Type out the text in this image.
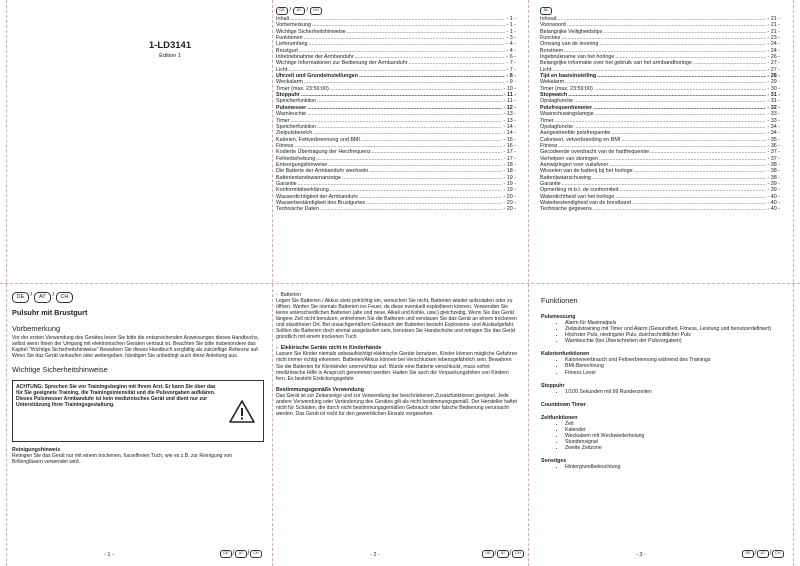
1-LD3141
Edition 1
DE /	AT /	CH
Inhalt .....	- 1 -
Vorbemerkung .....	- 1 -
Wichtige Sicherheitshinweise .....	- 1 -
Funktionen .....	- 3 -
Lieferumfang .....	- 4 -
Brustgurt .....	- 4 -
Inbetriebnahme der Armbanduhr .....	- 6 -
Wichtige Informationen zur Bedienung der Armbanduhr .....	- 7 -
Licht .....	- 7 -
Uhrzeit und Grundeinstellungen .....	- 8 -
Weckalarm .....	- 9 -
Timer (max. 23:59:00) .....	- 10 -
Stoppuhr .....	- 11 -
Speicherfunktion .....	- 11 -
Pulsmesser .....	- 12 -
Warnleuchte .....	- 13 -
Timer .....	- 13 -
Speicherfunktion .....	- 14 -
Zielpulsbereich .....	- 14 -
Kalorien, Fettverbrennung und BMI .....	- 15 -
Fitness .....	- 16 -
Kodierte Übertragung der Herzfrequenz .....	- 17 -
Fehlerbehebung .....	- 17 -
Entsorgungshinweise .....	- 18 -
Die Batterie der Armbanduhr wechseln .....	- 18 -
Batteriestandswarnanzeige .....	- 19 -
Garantie .....	- 19 -
Konformitätserklärung .....	- 19 -
Wasserdichtigkeit der Armbanduhr .....	- 20 -
Wasserbeständigkeit des Brustgurtes .....	- 20 -
Technische Daten .....	- 20 -
NL
Inhoud .....	- 21 -
Voorwoord .....	- 21 -
Belangrijke Veiligheidstips .....	- 21 -
Functies .....	- 23 -
Omvang van de levering .....	- 24 -
Borstriem .....	- 24 -
Ingebruikname van het horloge .....	- 26 -
Belangrijke informatie over het gebruik van het armbandhorloge .....	- 27 -
Licht .....	- 27 -
Tijd en basisinstelling .....	- 28 -
Wekalarm .....	- 29 -
Timer (max. 23:59:00) .....	- 30 -
Stopwatch .....	- 31 -
Opslagfunctie .....	- 31 -
Polsfrequentiemeter .....	- 32 -
Waarschuwingslampje .....	- 33 -
Timer .....	- 33 -
Opslagfunctie .....	- 34 -
Aangestreefde polsfrequentie .....	- 34 -
Calorieen, vetverbranding en BMI .....	- 35 -
Fitness .....	- 36 -
Gecodeerde overdracht van de hartfrequentie .....	- 37 -
Verhelpen van storingen .....	- 37 -
Aanwijzingen voor vuilafvoer .....	- 38 -
Wisselen van de batterij bij het horloge .....	- 38 -
Batterijwaarschuwing .....	- 38 -
Garantie .....	- 39 -
Opmerking m.b.t. de conformiteit .....	- 39 -
Waterdichtheid van het horloge .....	- 40 -
Waterbestendigheid van de borstband .....	- 40 -
Technische gegevens .....	- 40 -
DE /	AT /	CH
Pulsuhr mit Brustgurt
Vorbemerkung
Vor der ersten Verwendung des Gerätes lesen Sie bitte die entsprechenden Anweisungen dieses Handbuchs, selbst wenn Ihnen der Umgang mit elektronischen Geräten vertraut ist. Beachten Sie bitte insbesondere das Kapitel "Wichtige Sicherheitshinweise" Bewahren Sie dieses Handbuch sorgfältig als zukünftige Referenz auf. Wenn Sie das Gerät verkaufen oder weitergeben, händigen Sie unbedingt auch diese Anleitung aus.
Wichtige Sicherheitshinweise
ACHTUNG: Sprechen Sie vor Trainingsbeginn mit Ihrem Arzt. Er kann Sie über das für Sie geeignete Training, die Trainingsintensität und die Pulsvorgaben aufklären. Dieses Pulsmesser Armbanduhr ist kein medizinisches Gerät und dient nur zur Unterstützung Ihrer Trainingsgestaltung.
Reinigungshinweis
Reinigen Sie das Gerät nur mit einem trockenen, fusselfreien Tuch, wie es z.B. zur Reinigung von Brillengläsern verwendet wird.
-  Batterien
Legen Sie Batterien / Akkus stets polrichtig ein, versuchen Sie nicht, Batterien wieder aufzuladen oder zu öffnen. Werfen Sie niemals Batterien ins Feuer, da diese eventuell explodieren können. Verwenden Sie keine unterschiedlichen Batterien (alte und neue, Alkali und Kohle, usw.) gleichzeitig. Wenn Sie das Gerät längere Zeit nicht benutzen, entnehmen Sie die Batterien und verstauen Sie das Gerät an einem trockenen und staubfreien Ort. Bei unsachgemäßem Gebrauch der Batterien besteht Explosions- und Auslaufgefahr. Sollten die Batterien doch einmal ausgelaufen sein, benutzen Sie Handschuhe und reinigen Sie das Gerät gründlich mit einem trockenen Tuch.
-  Elektrische Geräte nicht in Kinderhände
Lassen Sie Kinder niemals unbeaufsichtigt elektrische Geräte benutzen. Kinder können mögliche Gefahren nicht immer richtig erkennen. Batterien/Akkus können bei Verschlucken lebensgefährlich sein. Bewahren Sie die Batterien für Kleinkinder unerreichbar auf. Wurde eine Batterie verschluckt, muss sofort medizinische Hilfe in Anspruch genommen werden. Halten Sie auch die Verpackungsfolien von Kindern fern. Es besteht Erstickungsgefahr.
Bestimmungsgemäße Verwendung
Das Gerät ist zur Zeitanzeige und zur Verwendung der beschriebenen Zusatzfunktionen geeignet. Jede andere Verwendung oder Veränderung des Gerätes gilt als nicht bestimmungsgemäß. Der Hersteller haftet nicht für Schäden, die durch nicht bestimmungsgemäßen Gebrauch oder falsche Bedienung verursacht werden. Das Gerät ist nicht für den gewerblichen Einsatz vorgesehen.
Funktionen
Pulsmessung
• Alarm für Maximalpuls
• Zielpulstraining mit Timer und Alarm (Gesundheit, Fitness, Leistung und benutzerdefiniert)
• Höchster Puls, niedrigster Puls, durchschnittlicher Puls
• Warnleuchte (bei Überschreiten der Pulsvorgaben)
Kalorienfunktionen
• Kalorienverbrauch und Fettverbrennung während des Trainings
• BMI-Berechnung
• Fitness Level
Stoppuhr
• 1/100 Sekunden mit 99 Rundenzeiten
Countdown Timer
Zeitfunktionen
• Zeit
• Kalender
• Weckalarm mit Weckwiederholung
• Stundensignal
• Zweite Zeitzone
Sonstiges
• Hintergrundbeleuchtung
- 1 -	DE /	AT / CH	- 2 -	DE /	AT / CH	- 3 -	DE /	AT / CH
